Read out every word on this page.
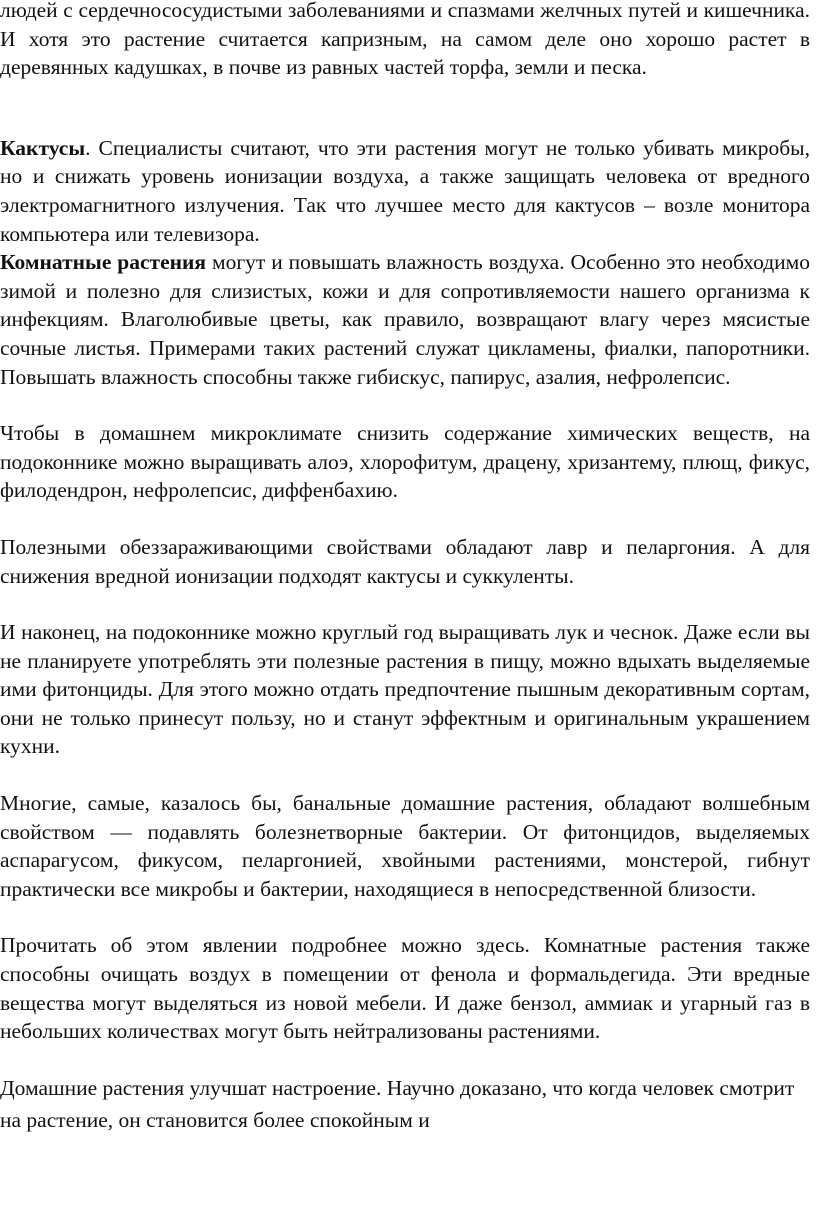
людей с сердечнососудистыми заболеваниями и спазмами желчных путей и кишечника. И хотя это растение считается капризным, на самом деле оно хорошо растет в деревянных кадушках, в почве из равных частей торфа, земли и песка.

Кактусы. Специалисты считают, что эти растения могут не только убивать микробы, но и снижать уровень ионизации воздуха, а также защищать человека от вредного электромагнитного излучения. Так что лучшее место для кактусов – возле монитора компьютера или телевизора.

Комнатные растения могут и повышать влажность воздуха. Особенно это необходимо зимой и полезно для слизистых, кожи и для сопротивляемости нашего организма к инфекциям. Влаголюбивые цветы, как правило, возвращают влагу через мясистые сочные листья. Примерами таких растений служат цикламены, фиалки, папоротники. Повышать влажность способны также гибискус, папирус, азалия, нефролепсис.

Чтобы в домашнем микроклимате снизить содержание химических веществ, на подоконнике можно выращивать алоэ, хлорофитум, драцену, хризантему, плющ, фикус, филодендрон, нефролепсис, диффенбахию.

Полезными обеззараживающими свойствами обладают лавр и пеларгония. А для снижения вредной ионизации подходят кактусы и суккуленты.

И наконец, на подоконнике можно круглый год выращивать лук и чеснок. Даже если вы не планируете употреблять эти полезные растения в пищу, можно вдыхать выделяемые ими фитонциды. Для этого можно отдать предпочтение пышным декоративным сортам, они не только принесут пользу, но и станут эффектным и оригинальным украшением кухни.

Многие, самые, казалось бы, банальные домашние растения, обладают волшебным свойством — подавлять болезнетворные бактерии. От фитонцидов, выделяемых аспарагусом, фикусом, пеларгонией, хвойными растениями, монстерой, гибнут практически все микробы и бактерии, находящиеся в непосредственной близости.

Прочитать об этом явлении подробнее можно здесь. Комнатные растения также способны очищать воздух в помещении от фенола и формальдегида. Эти вредные вещества могут выделяться из новой мебели. И даже бензол, аммиак и угарный газ в небольших количествах могут быть нейтрализованы растениями.

Домашние растения улучшат настроение. Научно доказано, что когда человек смотрит на растение, он становится более спокойным и
